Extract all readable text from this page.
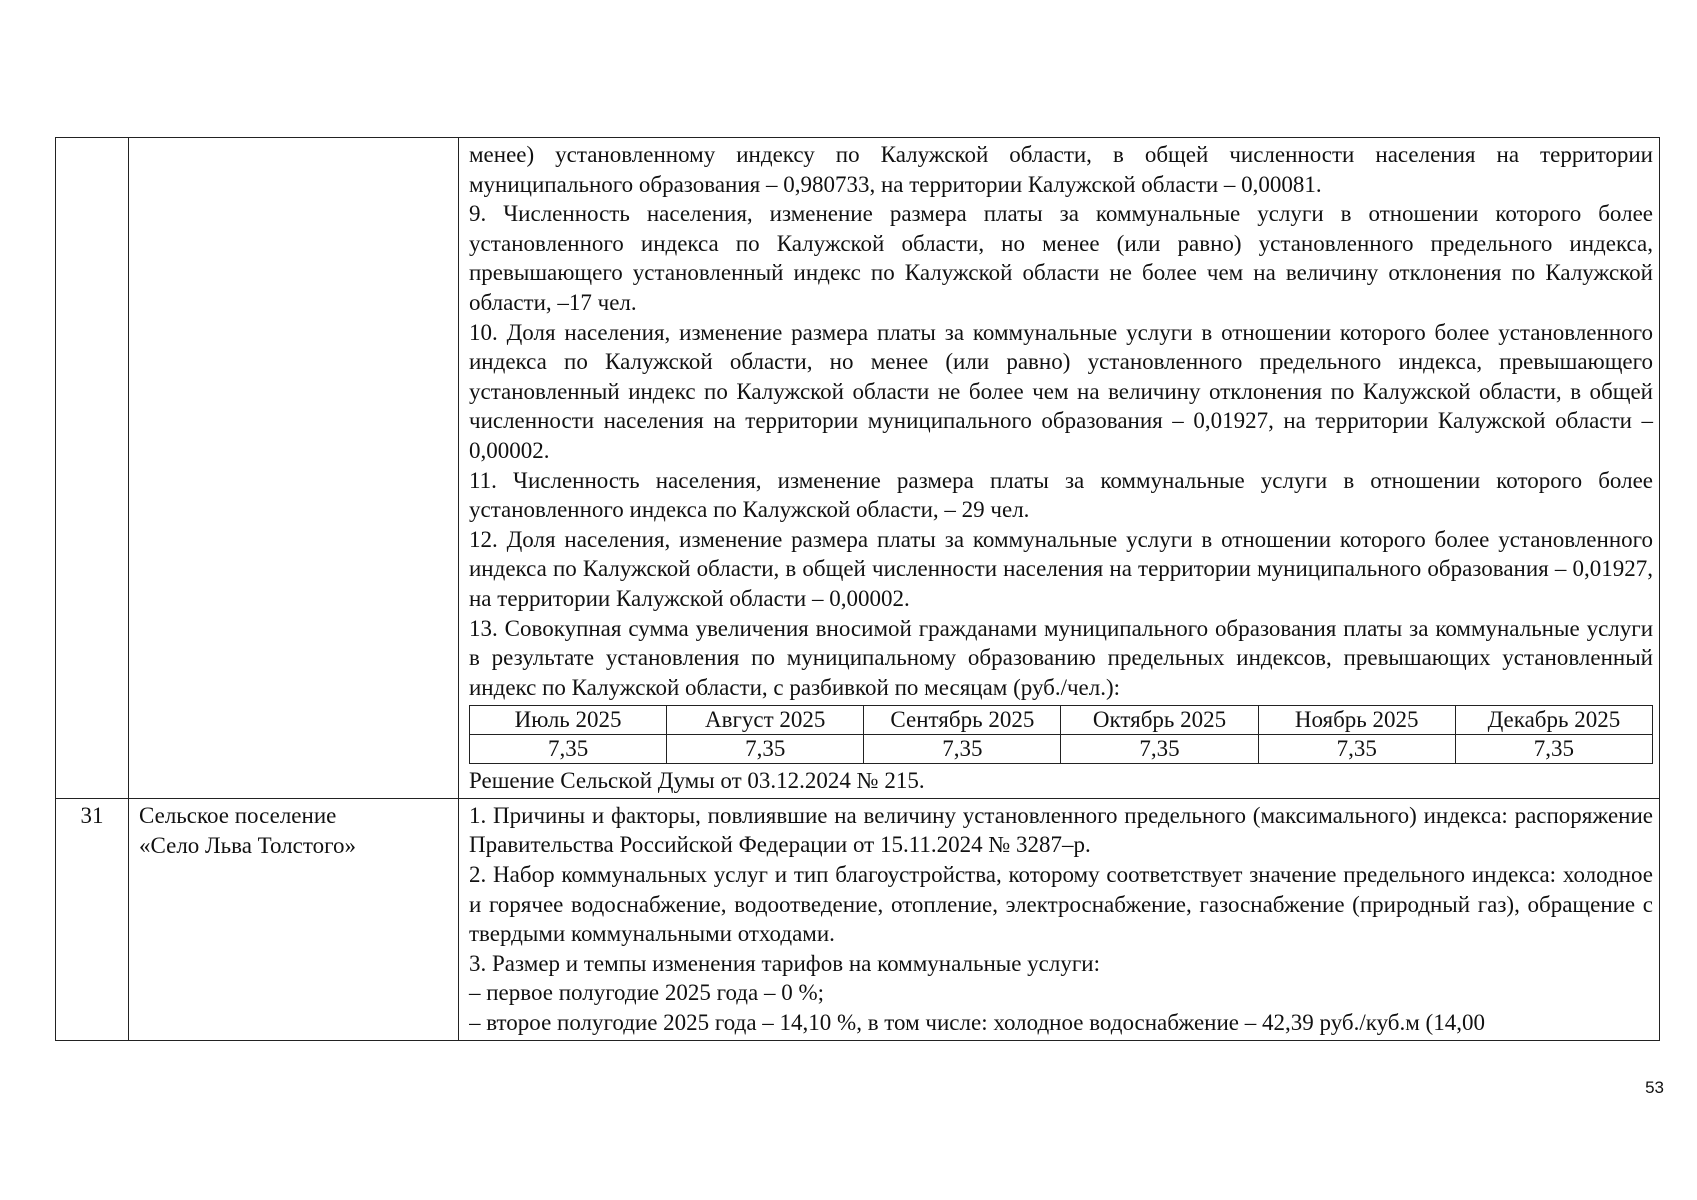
менее) установленному индексу по Калужской области, в общей численности населения на территории муниципального образования – 0,980733, на территории Калужской области – 0,00081.

9. Численность населения, изменение размера платы за коммунальные услуги в отношении которого более установленного индекса по Калужской области, но менее (или равно) установленного предельного индекса, превышающего установленный индекс по Калужской области не более чем на величину отклонения по Калужской области, –17 чел.

10. Доля населения, изменение размера платы за коммунальные услуги в отношении которого более установленного индекса по Калужской области, но менее (или равно) установленного предельного индекса, превышающего установленный индекс по Калужской области не более чем на величину отклонения по Калужской области, в общей численности населения на территории муниципального образования – 0,01927, на территории Калужской области – 0,00002.

11. Численность населения, изменение размера платы за коммунальные услуги в отношении которого более установленного индекса по Калужской области, – 29 чел.

12. Доля населения, изменение размера платы за коммунальные услуги в отношении которого более установленного индекса по Калужской области, в общей численности населения на территории муниципального образования – 0,01927, на территории Калужской области – 0,00002.

13. Совокупная сумма увеличения вносимой гражданами муниципального образования платы за коммунальные услуги в результате установления по муниципальному образованию предельных индексов, превышающих установленный индекс по Калужской области, с разбивкой по месяцам (руб./чел.):

Июль 2025	Август 2025	Сентябрь 2025	Октябрь 2025	Ноябрь 2025	Декабрь 2025
7,35	7,35	7,35	7,35	7,35	7,35

Решение Сельской Думы от 03.12.2024 № 215.

31	Сельское поселение
«Село Льва Толстого»

1. Причины и факторы, повлиявшие на величину установленного предельного (максимального) индекса: распоряжение Правительства Российской Федерации от 15.11.2024 № 3287–р.

2. Набор коммунальных услуг и тип благоустройства, которому соответствует значение предельного индекса: холодное и горячее водоснабжение, водоотведение, отопление, электроснабжение, газоснабжение (природный газ), обращение с твердыми коммунальными отходами.

3. Размер и темпы изменения тарифов на коммунальные услуги:

– первое полугодие 2025 года – 0 %;

– второе полугодие 2025 года – 14,10 %, в том числе: холодное водоснабжение – 42,39 руб./куб.м (14,00

53
